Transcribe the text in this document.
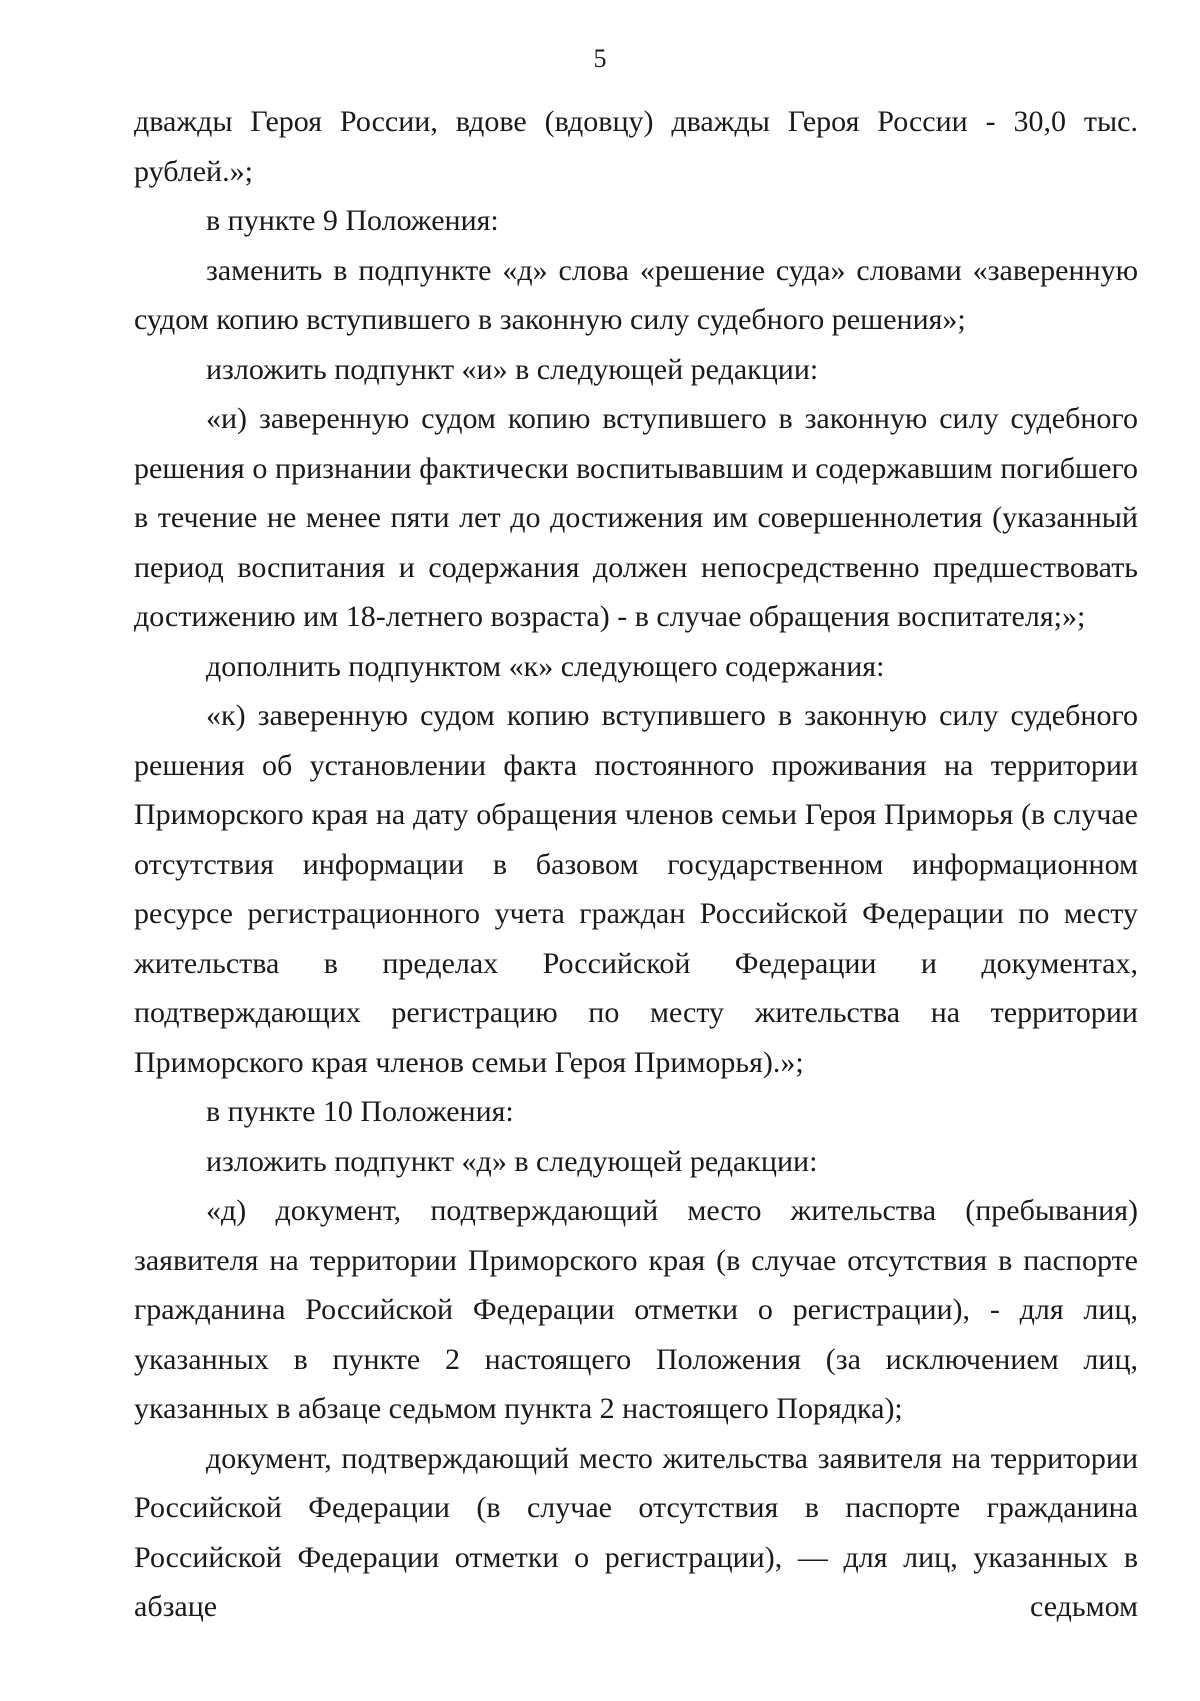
5

дважды Героя России, вдове (вдовцу) дважды Героя России - 30,0 тыс. рублей.»;

в пункте 9 Положения:

заменить в подпункте «д» слова «решение суда» словами «заверенную судом копию вступившего в законную силу судебного решения»;

изложить подпункт «и» в следующей редакции:

«и) заверенную судом копию вступившего в законную силу судебного решения о признании фактически воспитывавшим и содержавшим погибшего в течение не менее пяти лет до достижения им совершеннолетия (указанный период воспитания и содержания должен непосредственно предшествовать достижению им 18-летнего возраста) - в случае обращения воспитателя;»;

дополнить подпунктом «к» следующего содержания:

«к) заверенную судом копию вступившего в законную силу судебного решения об установлении факта постоянного проживания на территории Приморского края на дату обращения членов семьи Героя Приморья (в случае отсутствия информации в базовом государственном информационном ресурсе регистрационного учета граждан Российской Федерации по месту жительства в пределах Российской Федерации и документах, подтверждающих регистрацию по месту жительства на территории Приморского края членов семьи Героя Приморья).»;

в пункте 10 Положения:

изложить подпункт «д» в следующей редакции:

«д) документ, подтверждающий место жительства (пребывания) заявителя на территории Приморского края (в случае отсутствия в паспорте гражданина Российской Федерации отметки о регистрации), - для лиц, указанных в пункте 2 настоящего Положения (за исключением лиц, указанных в абзаце седьмом пункта 2 настоящего Порядка);

документ, подтверждающий место жительства заявителя на территории Российской Федерации (в случае отсутствия в паспорте гражданина Российской Федерации отметки о регистрации), — для лиц, указанных в абзаце седьмом
